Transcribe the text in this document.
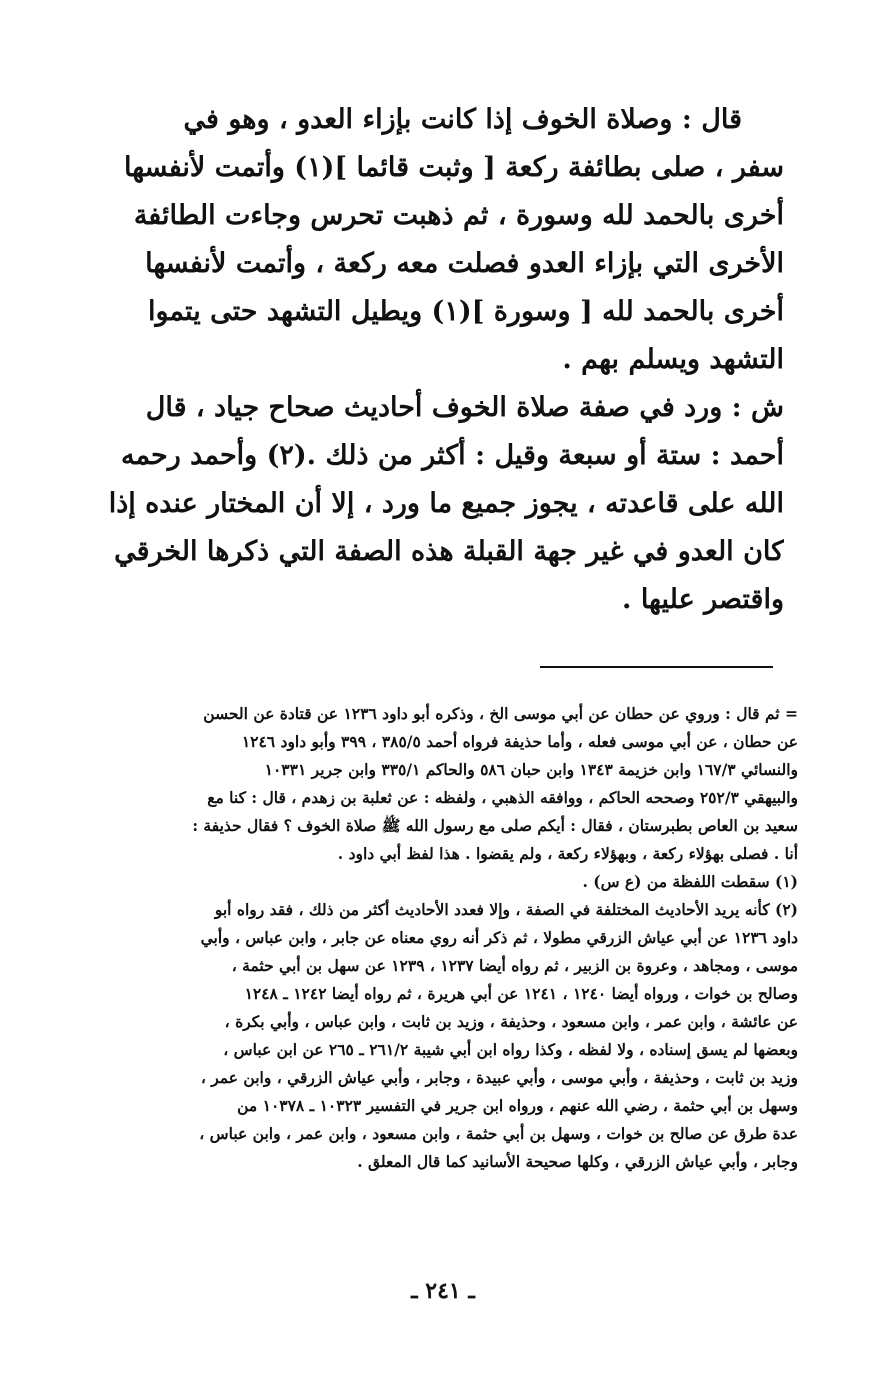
قال : وصلاة الخوف إذا كانت بإزاء العدو ، وهو في
سفر ، صلى بطائفة ركعة [ وثبت قائما ](١) وأتمت لأنفسها
أخرى بالحمد لله وسورة ، ثم ذهبت تحرس وجاءت الطائفة
الأخرى التي بإزاء العدو فصلت معه ركعة ، وأتمت لأنفسها
أخرى بالحمد لله [ وسورة ](١) ويطيل التشهد حتى يتموا
التشهد ويسلم بهم .
ش : ورد في صفة صلاة الخوف أحاديث صحاح جياد ، قال
أحمد : ستة أو سبعة وقيل : أكثر من ذلك .(٢) وأحمد رحمه
الله على قاعدته ، يجوز جميع ما ورد ، إلا أن المختار عنده إذا
كان العدو في غير جهة القبلة هذه الصفة التي ذكرها الخرقي
واقتصر عليها .
= ثم قال : وروي عن حطان عن أبي موسى الخ ، وذكره أبو داود ١٢٣٦ عن قتادة عن الحسن
عن حطان ، عن أبي موسى فعله ، وأما حذيفة فرواه أحمد ٣٨٥/٥ ، ٣٩٩ وأبو داود ١٢٤٦
والنسائي ١٦٧/٣ وابن خزيمة ١٣٤٣ وابن حبان ٥٨٦ والحاكم ٣٣٥/١ وابن جرير ١٠٣٣١
والبيهقي ٢٥٢/٣ وصححه الحاكم ، ووافقه الذهبي ، ولفظه : عن ثعلبة بن زهدم ، قال : كنا مع
سعيد بن العاص بطبرستان ، فقال : أيكم صلى مع رسول الله ﷺ صلاة الخوف ؟ فقال حذيفة :
أنا . فصلى بهؤلاء ركعة ، وبهؤلاء ركعة ، ولم يقضوا . هذا لفظ أبي داود .
(١) سقطت اللفظة من (ع س) .
(٢) كأنه يريد الأحاديث المختلفة في الصفة ، وإلا فعدد الأحاديث أكثر من ذلك ، فقد رواه أبو
داود ١٢٣٦ عن أبي عياش الزرقي مطولا ، ثم ذكر أنه روي معناه عن جابر ، وابن عباس ، وأبي
موسى ، ومجاهد ، وعروة بن الزبير ، ثم رواه أيضا ١٢٣٧ ، ١٢٣٩ عن سهل بن أبي حثمة ،
وصالح بن خوات ، ورواه أيضا ١٢٤٠ ، ١٢٤١ عن أبي هريرة ، ثم رواه أيضا ١٢٤٢ ـ ١٢٤٨
عن عائشة ، وابن عمر ، وابن مسعود ، وحذيفة ، وزيد بن ثابت ، وابن عباس ، وأبي بكرة ،
وبعضها لم يسق إسناده ، ولا لفظه ، وكذا رواه ابن أبي شيبة ٢٦١/٢ ـ ٢٦٥ عن ابن عباس ،
وزيد بن ثابت ، وحذيفة ، وأبي موسى ، وأبي عبيدة ، وجابر ، وأبي عياش الزرقي ، وابن عمر ،
وسهل بن أبي حثمة ، رضي الله عنهم ، ورواه ابن جرير في التفسير ١٠٣٢٣ ـ ١٠٣٧٨ من
عدة طرق عن صالح بن خوات ، وسهل بن أبي حثمة ، وابن مسعود ، وابن عمر ، وابن عباس ،
وجابر ، وأبي عياش الزرقي ، وكلها صحيحة الأسانيد كما قال المعلق .
ـ ٢٤١ ـ
